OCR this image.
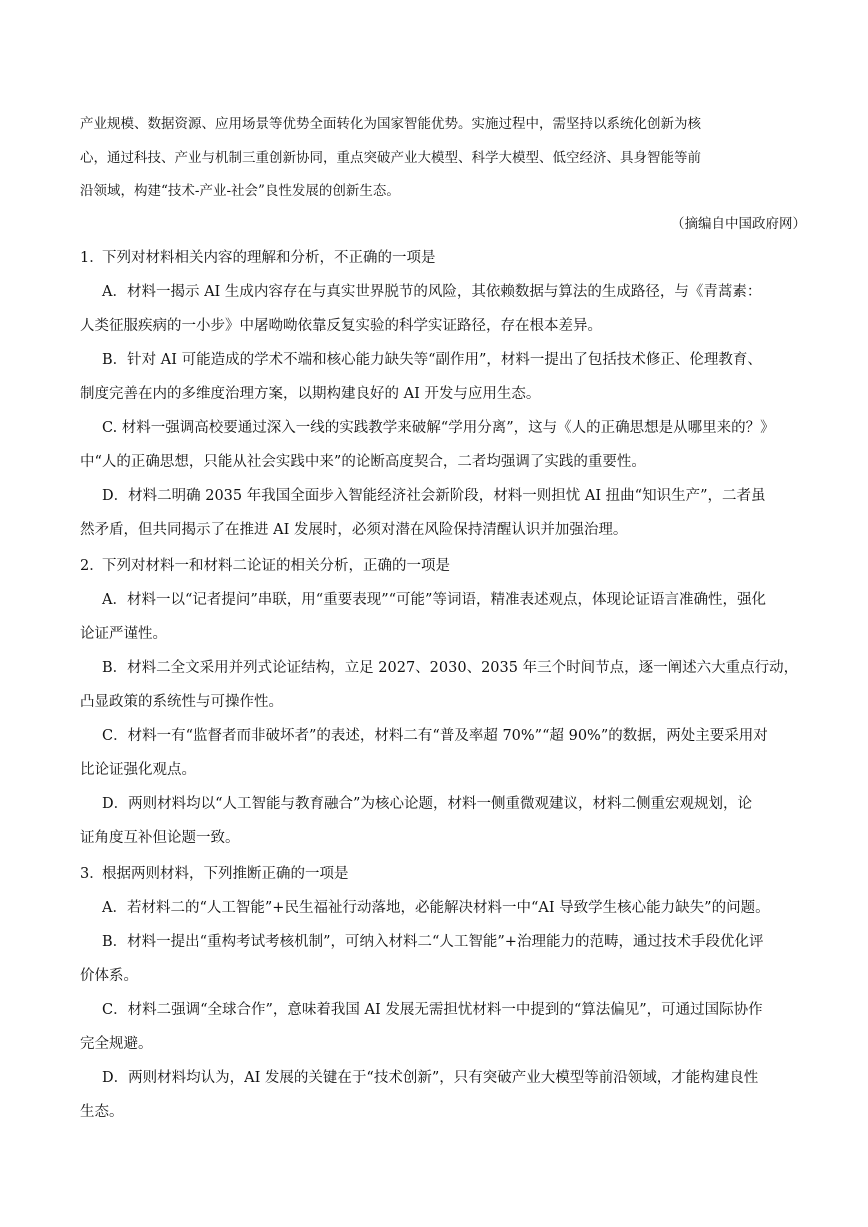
产业规模、数据资源、应用场景等优势全面转化为国家智能优势。实施过程中，需坚持以系统化创新为核
心，通过科技、产业与机制三重创新协同，重点突破产业大模型、科学大模型、低空经济、具身智能等前
沿领域，构建“技术-产业-社会”良性发展的创新生态。
（摘编自中国政府网）
1．下列对材料相关内容的理解和分析，不正确的一项是
A．材料一揭示 AI 生成内容存在与真实世界脱节的风险，其依赖数据与算法的生成路径，与《青蒿素：
人类征服疾病的一小步》中屠呦呦依靠反复实验的科学实证路径，存在根本差异。
B．针对 AI 可能造成的学术不端和核心能力缺失等“副作用”，材料一提出了包括技术修正、伦理教育、
制度完善在内的多维度治理方案，以期构建良好的 AI 开发与应用生态。
C. 材料一强调高校要通过深入一线的实践教学来破解“学用分离”，这与《人的正确思想是从哪里来的？》
中“人的正确思想，只能从社会实践中来”的论断高度契合，二者均强调了实践的重要性。
D．材料二明确 2035 年我国全面步入智能经济社会新阶段，材料一则担忧 AI 扭曲“知识生产”，二者虽
然矛盾，但共同揭示了在推进 AI 发展时，必须对潜在风险保持清醒认识并加强治理。
2．下列对材料一和材料二论证的相关分析，正确的一项是
A．材料一以“记者提问”串联，用“重要表现”“可能”等词语，精准表述观点，体现论证语言准确性，强化
论证严谨性。
B．材料二全文采用并列式论证结构，立足 2027、2030、2035 年三个时间节点，逐一阐述六大重点行动，
凸显政策的系统性与可操作性。
C．材料一有“监督者而非破坏者”的表述，材料二有“普及率超 70%”“超 90%”的数据，两处主要采用对
比论证强化观点。
D．两则材料均以“人工智能与教育融合”为核心论题，材料一侧重微观建议，材料二侧重宏观规划，论
证角度互补但论题一致。
3．根据两则材料，下列推断正确的一项是
A．若材料二的“人工智能”+民生福祉行动落地，必能解决材料一中“AI 导致学生核心能力缺失”的问题。
B．材料一提出“重构考试考核机制”，可纳入材料二“人工智能”+治理能力的范畴，通过技术手段优化评
价体系。
C．材料二强调“全球合作”，意味着我国 AI 发展无需担忧材料一中提到的“算法偏见”，可通过国际协作
完全规避。
D．两则材料均认为，AI 发展的关键在于“技术创新”，只有突破产业大模型等前沿领域，才能构建良性
生态。
